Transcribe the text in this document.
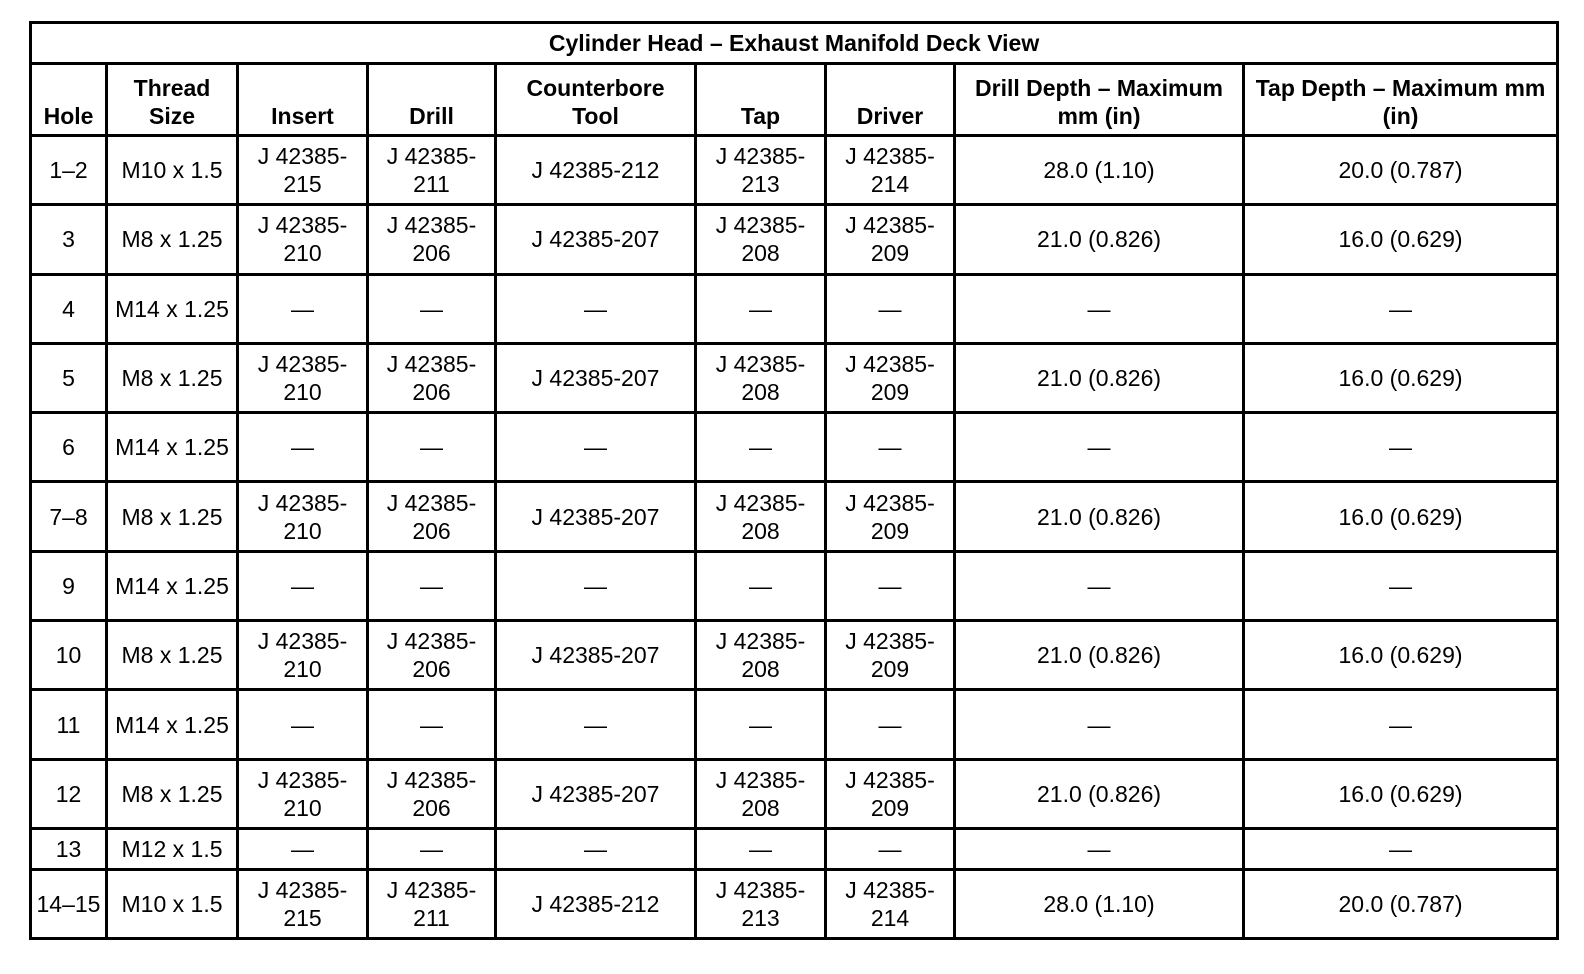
Cylinder Head – Exhaust Manifold Deck View								
Hole	Thread Size	Insert	Drill	Counterbore Tool	Tap	Driver	Drill Depth – Maximum mm (in)	Tap Depth – Maximum mm (in)
1–2	M10 x 1.5	J 42385-215	J 42385-211	J 42385-212	J 42385-213	J 42385-214	28.0 (1.10)	20.0 (0.787)
3	M8 x 1.25	J 42385-210	J 42385-206	J 42385-207	J 42385-208	J 42385-209	21.0 (0.826)	16.0 (0.629)
4	M14 x 1.25	—	—	—	—	—	—	—
5	M8 x 1.25	J 42385-210	J 42385-206	J 42385-207	J 42385-208	J 42385-209	21.0 (0.826)	16.0 (0.629)
6	M14 x 1.25	—	—	—	—	—	—	—
7–8	M8 x 1.25	J 42385-210	J 42385-206	J 42385-207	J 42385-208	J 42385-209	21.0 (0.826)	16.0 (0.629)
9	M14 x 1.25	—	—	—	—	—	—	—
10	M8 x 1.25	J 42385-210	J 42385-206	J 42385-207	J 42385-208	J 42385-209	21.0 (0.826)	16.0 (0.629)
11	M14 x 1.25	—	—	—	—	—	—	—
12	M8 x 1.25	J 42385-210	J 42385-206	J 42385-207	J 42385-208	J 42385-209	21.0 (0.826)	16.0 (0.629)
13	M12 x 1.5	—	—	—	—	—	—	—
14–15	M10 x 1.5	J 42385-215	J 42385-211	J 42385-212	J 42385-213	J 42385-214	28.0 (1.10)	20.0 (0.787)
